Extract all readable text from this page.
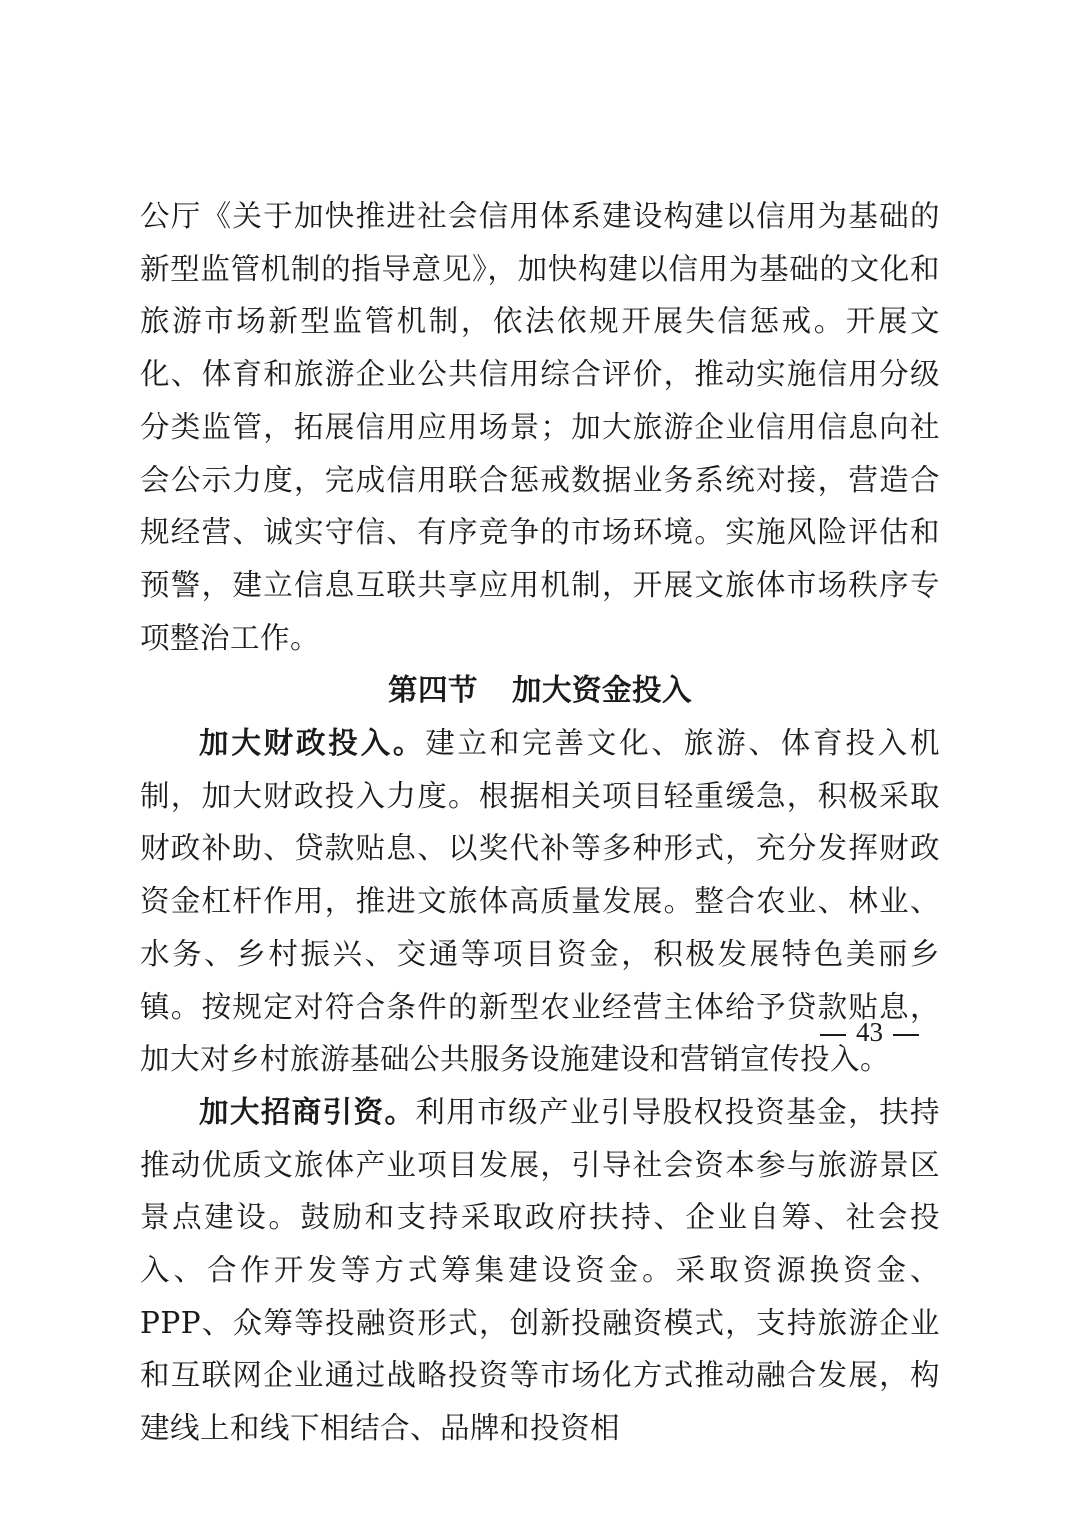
公厅《关于加快推进社会信用体系建设构建以信用为基础的新型监管机制的指导意见》，加快构建以信用为基础的文化和旅游市场新型监管机制，依法依规开展失信惩戒。开展文化、体育和旅游企业公共信用综合评价，推动实施信用分级分类监管，拓展信用应用场景；加大旅游企业信用信息向社会公示力度，完成信用联合惩戒数据业务系统对接，营造合规经营、诚实守信、有序竞争的市场环境。实施风险评估和预警，建立信息互联共享应用机制，开展文旅体市场秩序专项整治工作。

第四节 加大资金投入

加大财政投入。建立和完善文化、旅游、体育投入机制，加大财政投入力度。根据相关项目轻重缓急，积极采取财政补助、贷款贴息、以奖代补等多种形式，充分发挥财政资金杠杆作用，推进文旅体高质量发展。整合农业、林业、水务、乡村振兴、交通等项目资金，积极发展特色美丽乡镇。按规定对符合条件的新型农业经营主体给予贷款贴息，加大对乡村旅游基础公共服务设施建设和营销宣传投入。

加大招商引资。利用市级产业引导股权投资基金，扶持推动优质文旅体产业项目发展，引导社会资本参与旅游景区景点建设。鼓励和支持采取政府扶持、企业自筹、社会投入、合作开发等方式筹集建设资金。采取资源换资金、PPP、众筹等投融资形式，创新投融资模式，支持旅游企业和互联网企业通过战略投资等市场化方式推动融合发展，构建线上和线下相结合、品牌和投资相

43
